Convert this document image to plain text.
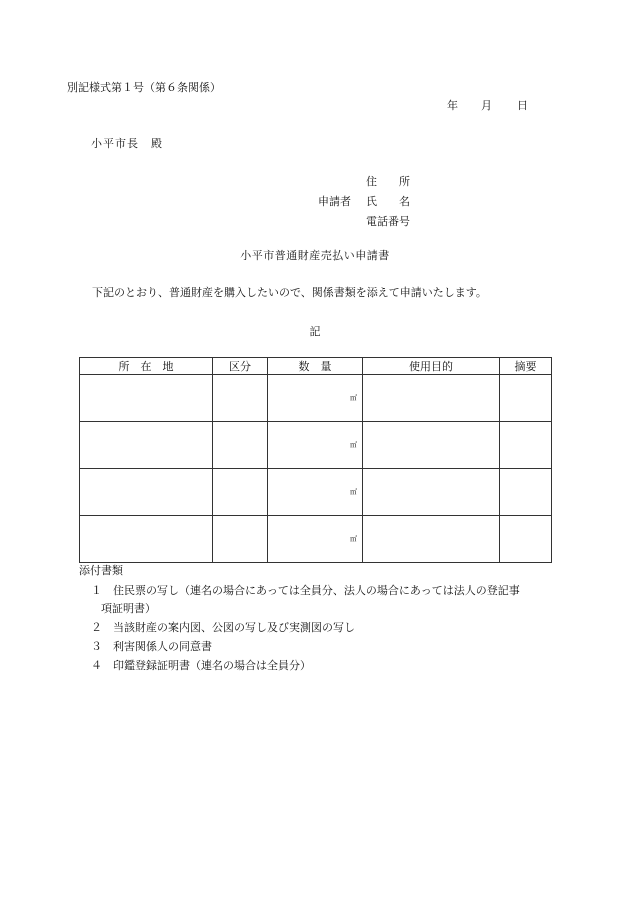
別記様式第１号（第６条関係）
年 月 日
小平市長　殿
住　　所
申請者 氏　　名
電話番号
小平市普通財産売払い申請書
下記のとおり、普通財産を購入したいので、関係書類を添えて申請いたします。
記
所　在　地	区分	数　量	使用目的	摘要
		㎡		
		㎡		
		㎡		
		㎡		
添付書類
１ 住民票の写し（連名の場合にあっては全員分、法人の場合にあっては法人の登記事
項証明書）
２ 当該財産の案内図、公図の写し及び実測図の写し
３ 利害関係人の同意書
４ 印鑑登録証明書（連名の場合は全員分）
